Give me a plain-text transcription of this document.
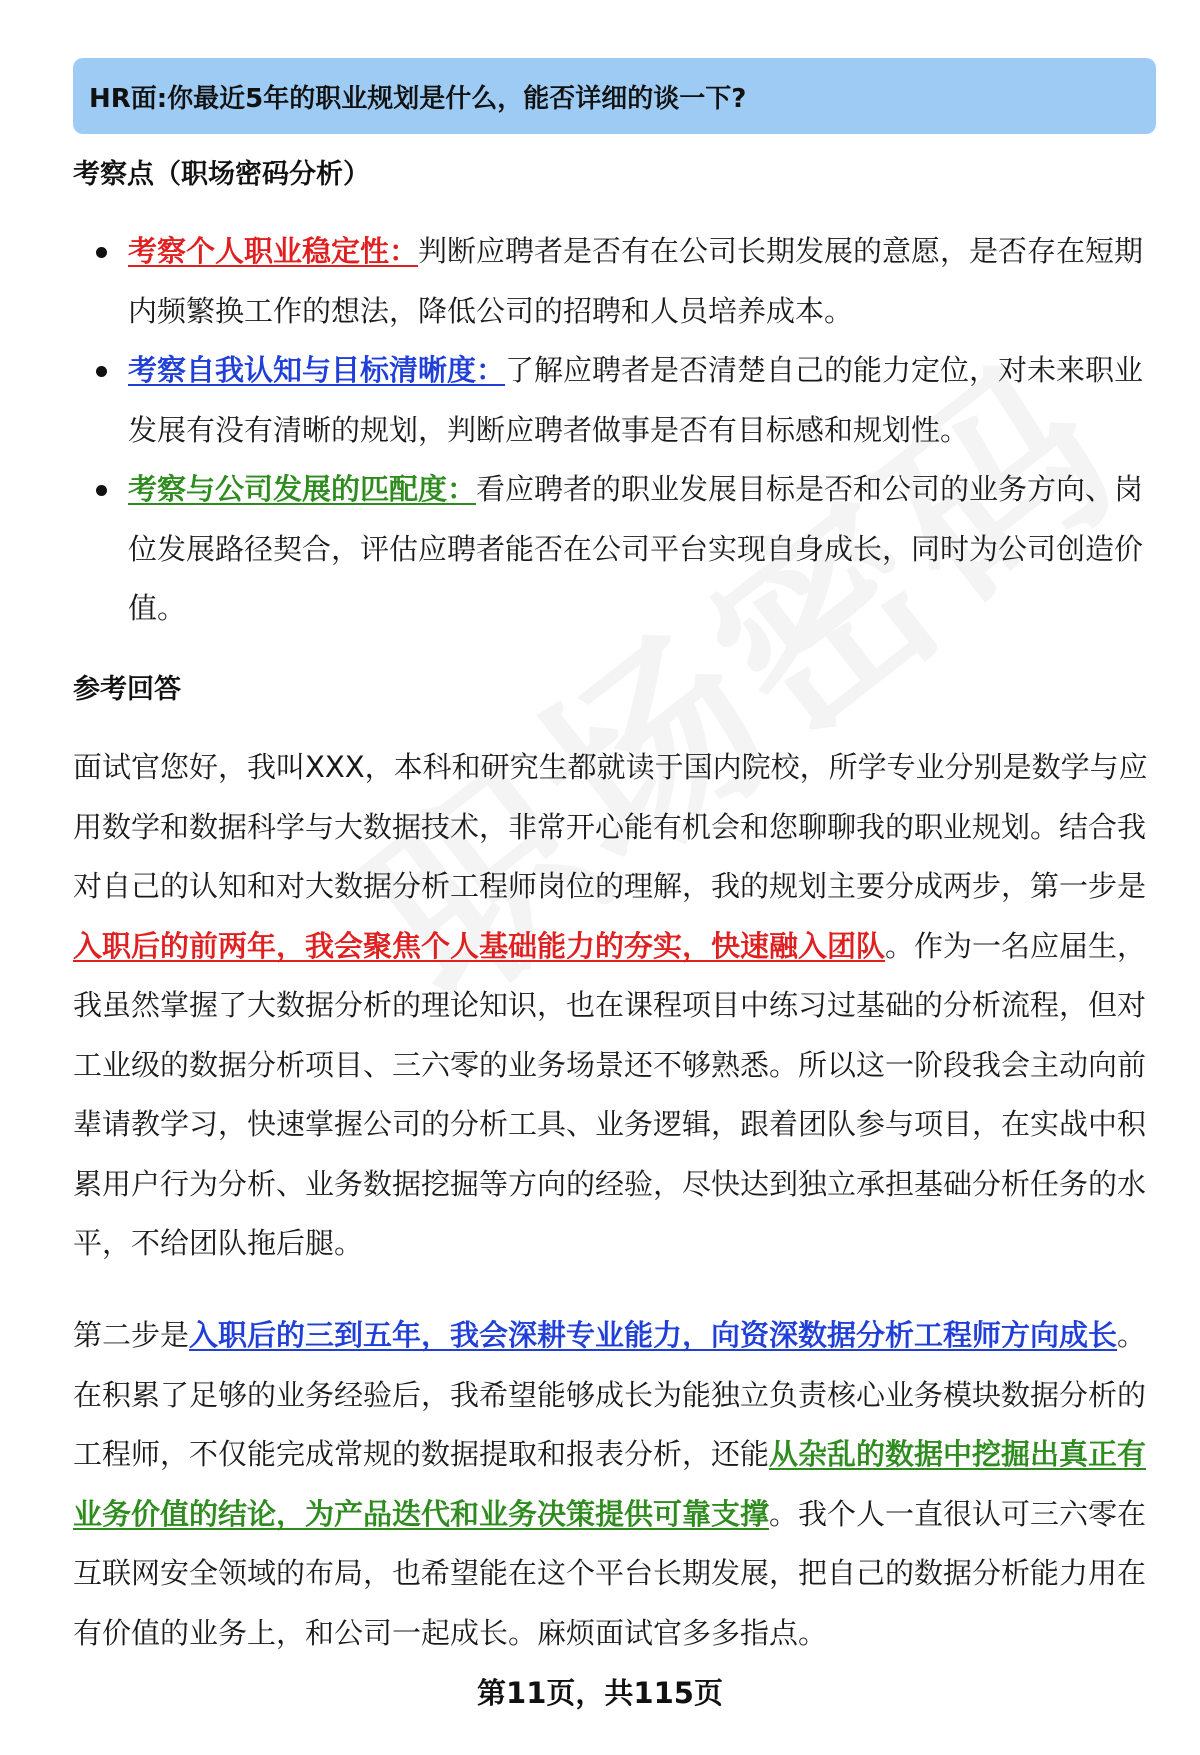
HR面:你最近5年的职业规划是什么，能否详细的谈一下?
考察点（职场密码分析）
考察个人职业稳定性：判断应聘者是否有在公司长期发展的意愿，是否存在短期内频繁换工作的想法，降低公司的招聘和人员培养成本。
考察自我认知与目标清晰度：了解应聘者是否清楚自己的能力定位，对未来职业发展有没有清晰的规划，判断应聘者做事是否有目标感和规划性。
考察与公司发展的匹配度：看应聘者的职业发展目标是否和公司的业务方向、岗位发展路径契合，评估应聘者能否在公司平台实现自身成长，同时为公司创造价值。
参考回答

面试官您好，我叫XXX，本科和研究生都就读于国内院校，所学专业分别是数学与应用数学和数据科学与大数据技术，非常开心能有机会和您聊聊我的职业规划。结合我对自己的认知和对大数据分析工程师岗位的理解，我的规划主要分成两步，第一步是入职后的前两年，我会聚焦个人基础能力的夯实，快速融入团队。作为一名应届生，我虽然掌握了大数据分析的理论知识，也在课程项目中练习过基础的分析流程，但对工业级的数据分析项目、三六零的业务场景还不够熟悉。所以这一阶段我会主动向前辈请教学习，快速掌握公司的分析工具、业务逻辑，跟着团队参与项目，在实战中积累用户行为分析、业务数据挖掘等方向的经验，尽快达到独立承担基础分析任务的水平，不给团队拖后腿。

第二步是入职后的三到五年，我会深耕专业能力，向资深数据分析工程师方向成长。在积累了足够的业务经验后，我希望能够成长为能独立负责核心业务模块数据分析的工程师，不仅能完成常规的数据提取和报表分析，还能从杂乱的数据中挖掘出真正有业务价值的结论，为产品迭代和业务决策提供可靠支撑。我个人一直很认可三六零在互联网安全领域的布局，也希望能在这个平台长期发展，把自己的数据分析能力用在有价值的业务上，和公司一起成长。麻烦面试官多多指点。

第11页，共115页
